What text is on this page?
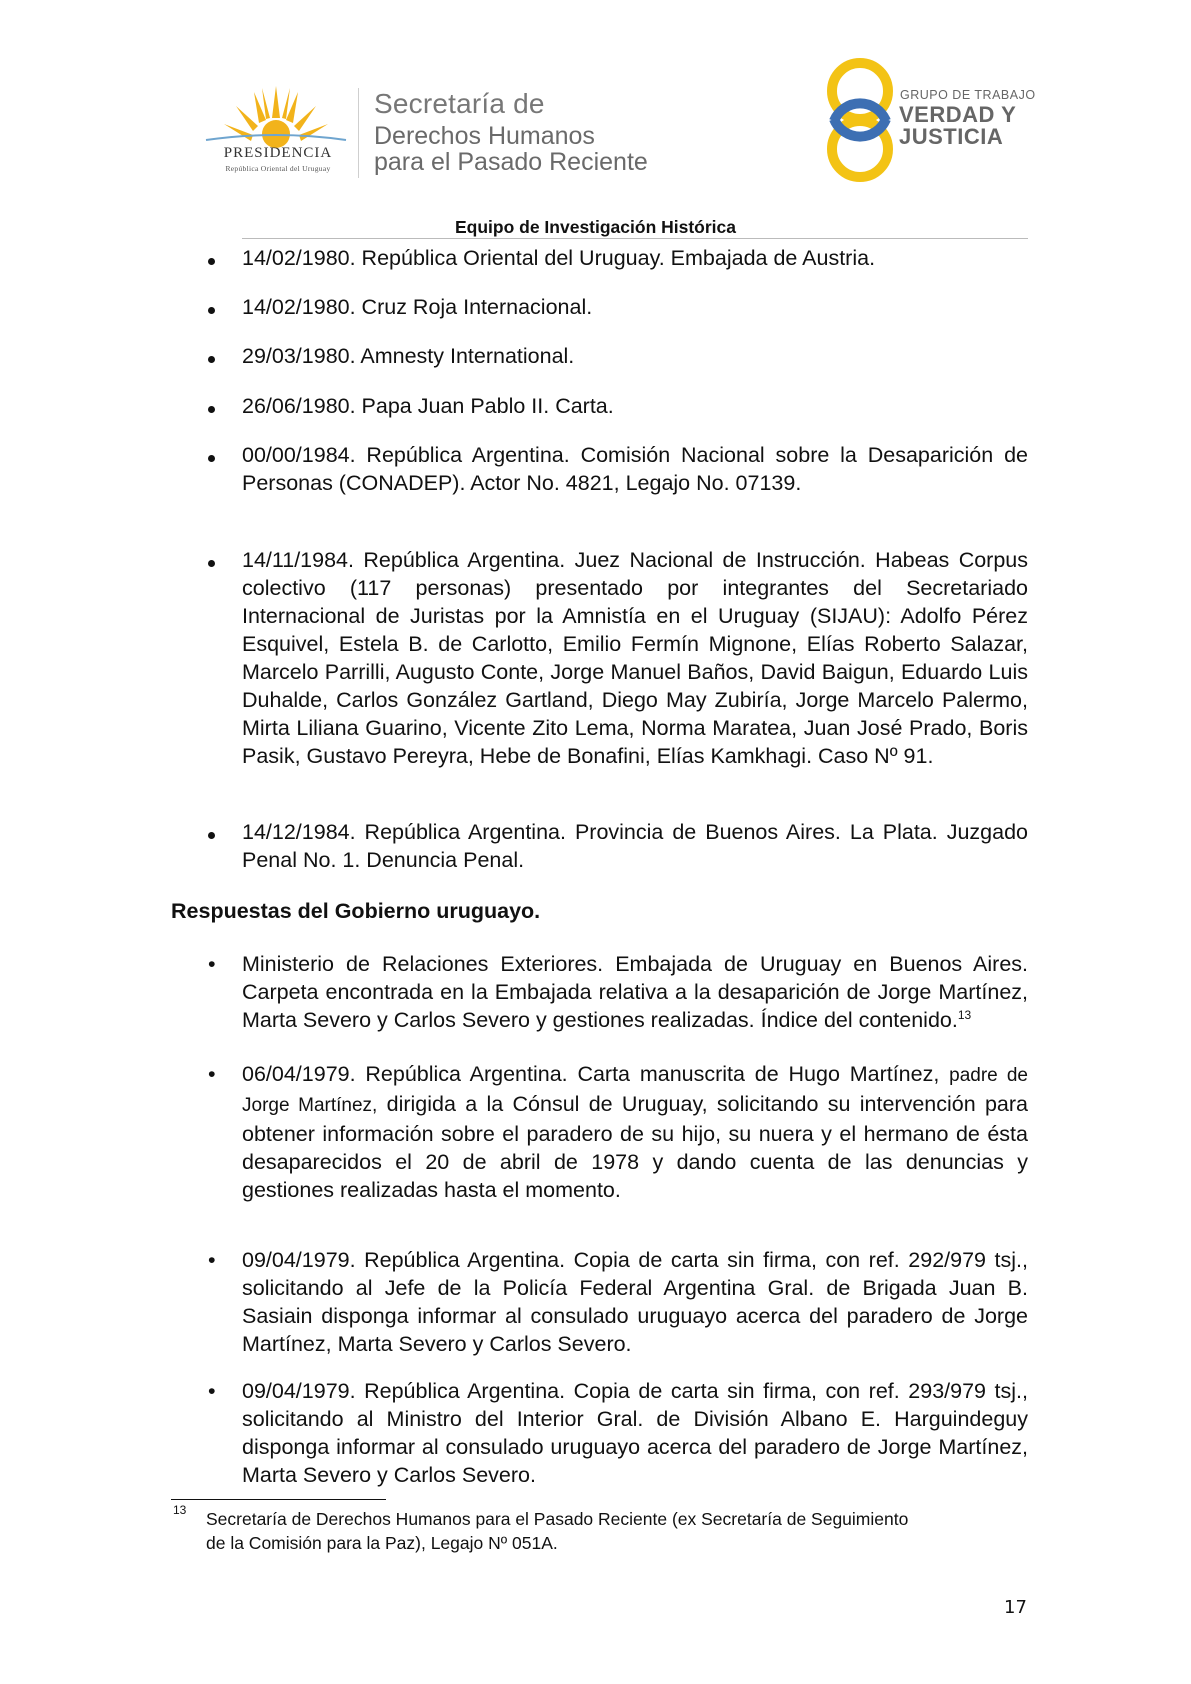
PRESIDENCIA
República Oriental del Uruguay
Secretaría de
Derechos Humanos
para el Pasado Reciente
GRUPO DE TRABAJO
VERDAD Y
JUSTICIA
Equipo de Investigación Histórica
14/02/1980. República Oriental del Uruguay. Embajada de Austria.
14/02/1980. Cruz Roja Internacional.
29/03/1980. Amnesty International.
26/06/1980. Papa Juan Pablo II. Carta.
00/00/1984. República Argentina. Comisión Nacional sobre la Desaparición de Personas (CONADEP). Actor No. 4821, Legajo No. 07139.
14/11/1984. República Argentina. Juez Nacional de Instrucción. Habeas Corpus colectivo (117 personas) presentado por integrantes del Secretariado Internacional de Juristas por la Amnistía en el Uruguay (SIJAU): Adolfo Pérez Esquivel, Estela B. de Carlotto, Emilio Fermín Mignone, Elías Roberto Salazar, Marcelo Parrilli, Augusto Conte, Jorge Manuel Baños, David Baigun, Eduardo Luis Duhalde, Carlos González Gartland, Diego May Zubiría, Jorge Marcelo Palermo, Mirta Liliana Guarino, Vicente Zito Lema, Norma Maratea, Juan José Prado, Boris Pasik, Gustavo Pereyra, Hebe de Bonafini, Elías Kamkhagi. Caso Nº 91.
14/12/1984. República Argentina. Provincia de Buenos Aires. La Plata. Juzgado Penal No. 1. Denuncia Penal.
Respuestas del Gobierno uruguayo.
• Ministerio de Relaciones Exteriores. Embajada de Uruguay en Buenos Aires. Carpeta encontrada en la Embajada relativa a la desaparición de Jorge Martínez, Marta Severo y Carlos Severo y gestiones realizadas. Índice del contenido.$^{13}$
• 06/04/1979. República Argentina. Carta manuscrita de Hugo Martínez, padre de Jorge Martínez, dirigida a la Cónsul de Uruguay, solicitando su intervención para obtener información sobre el paradero de su hijo, su nuera y el hermano de ésta desaparecidos el 20 de abril de 1978 y dando cuenta de las denuncias y gestiones realizadas hasta el momento.
• 09/04/1979. República Argentina. Copia de carta sin firma, con ref. 292/979 tsj., solicitando al Jefe de la Policía Federal Argentina Gral. de Brigada Juan B. Sasiain disponga informar al consulado uruguayo acerca del paradero de Jorge Martínez, Marta Severo y Carlos Severo.
• 09/04/1979. República Argentina. Copia de carta sin firma, con ref. 293/979 tsj., solicitando al Ministro del Interior Gral. de División Albano E. Harguindeguy disponga informar al consulado uruguayo acerca del paradero de Jorge Martínez, Marta Severo y Carlos Severo.
13 Secretaría de Derechos Humanos para el Pasado Reciente (ex Secretaría de Seguimiento
de la Comisión para la Paz), Legajo Nº 051A.
17
